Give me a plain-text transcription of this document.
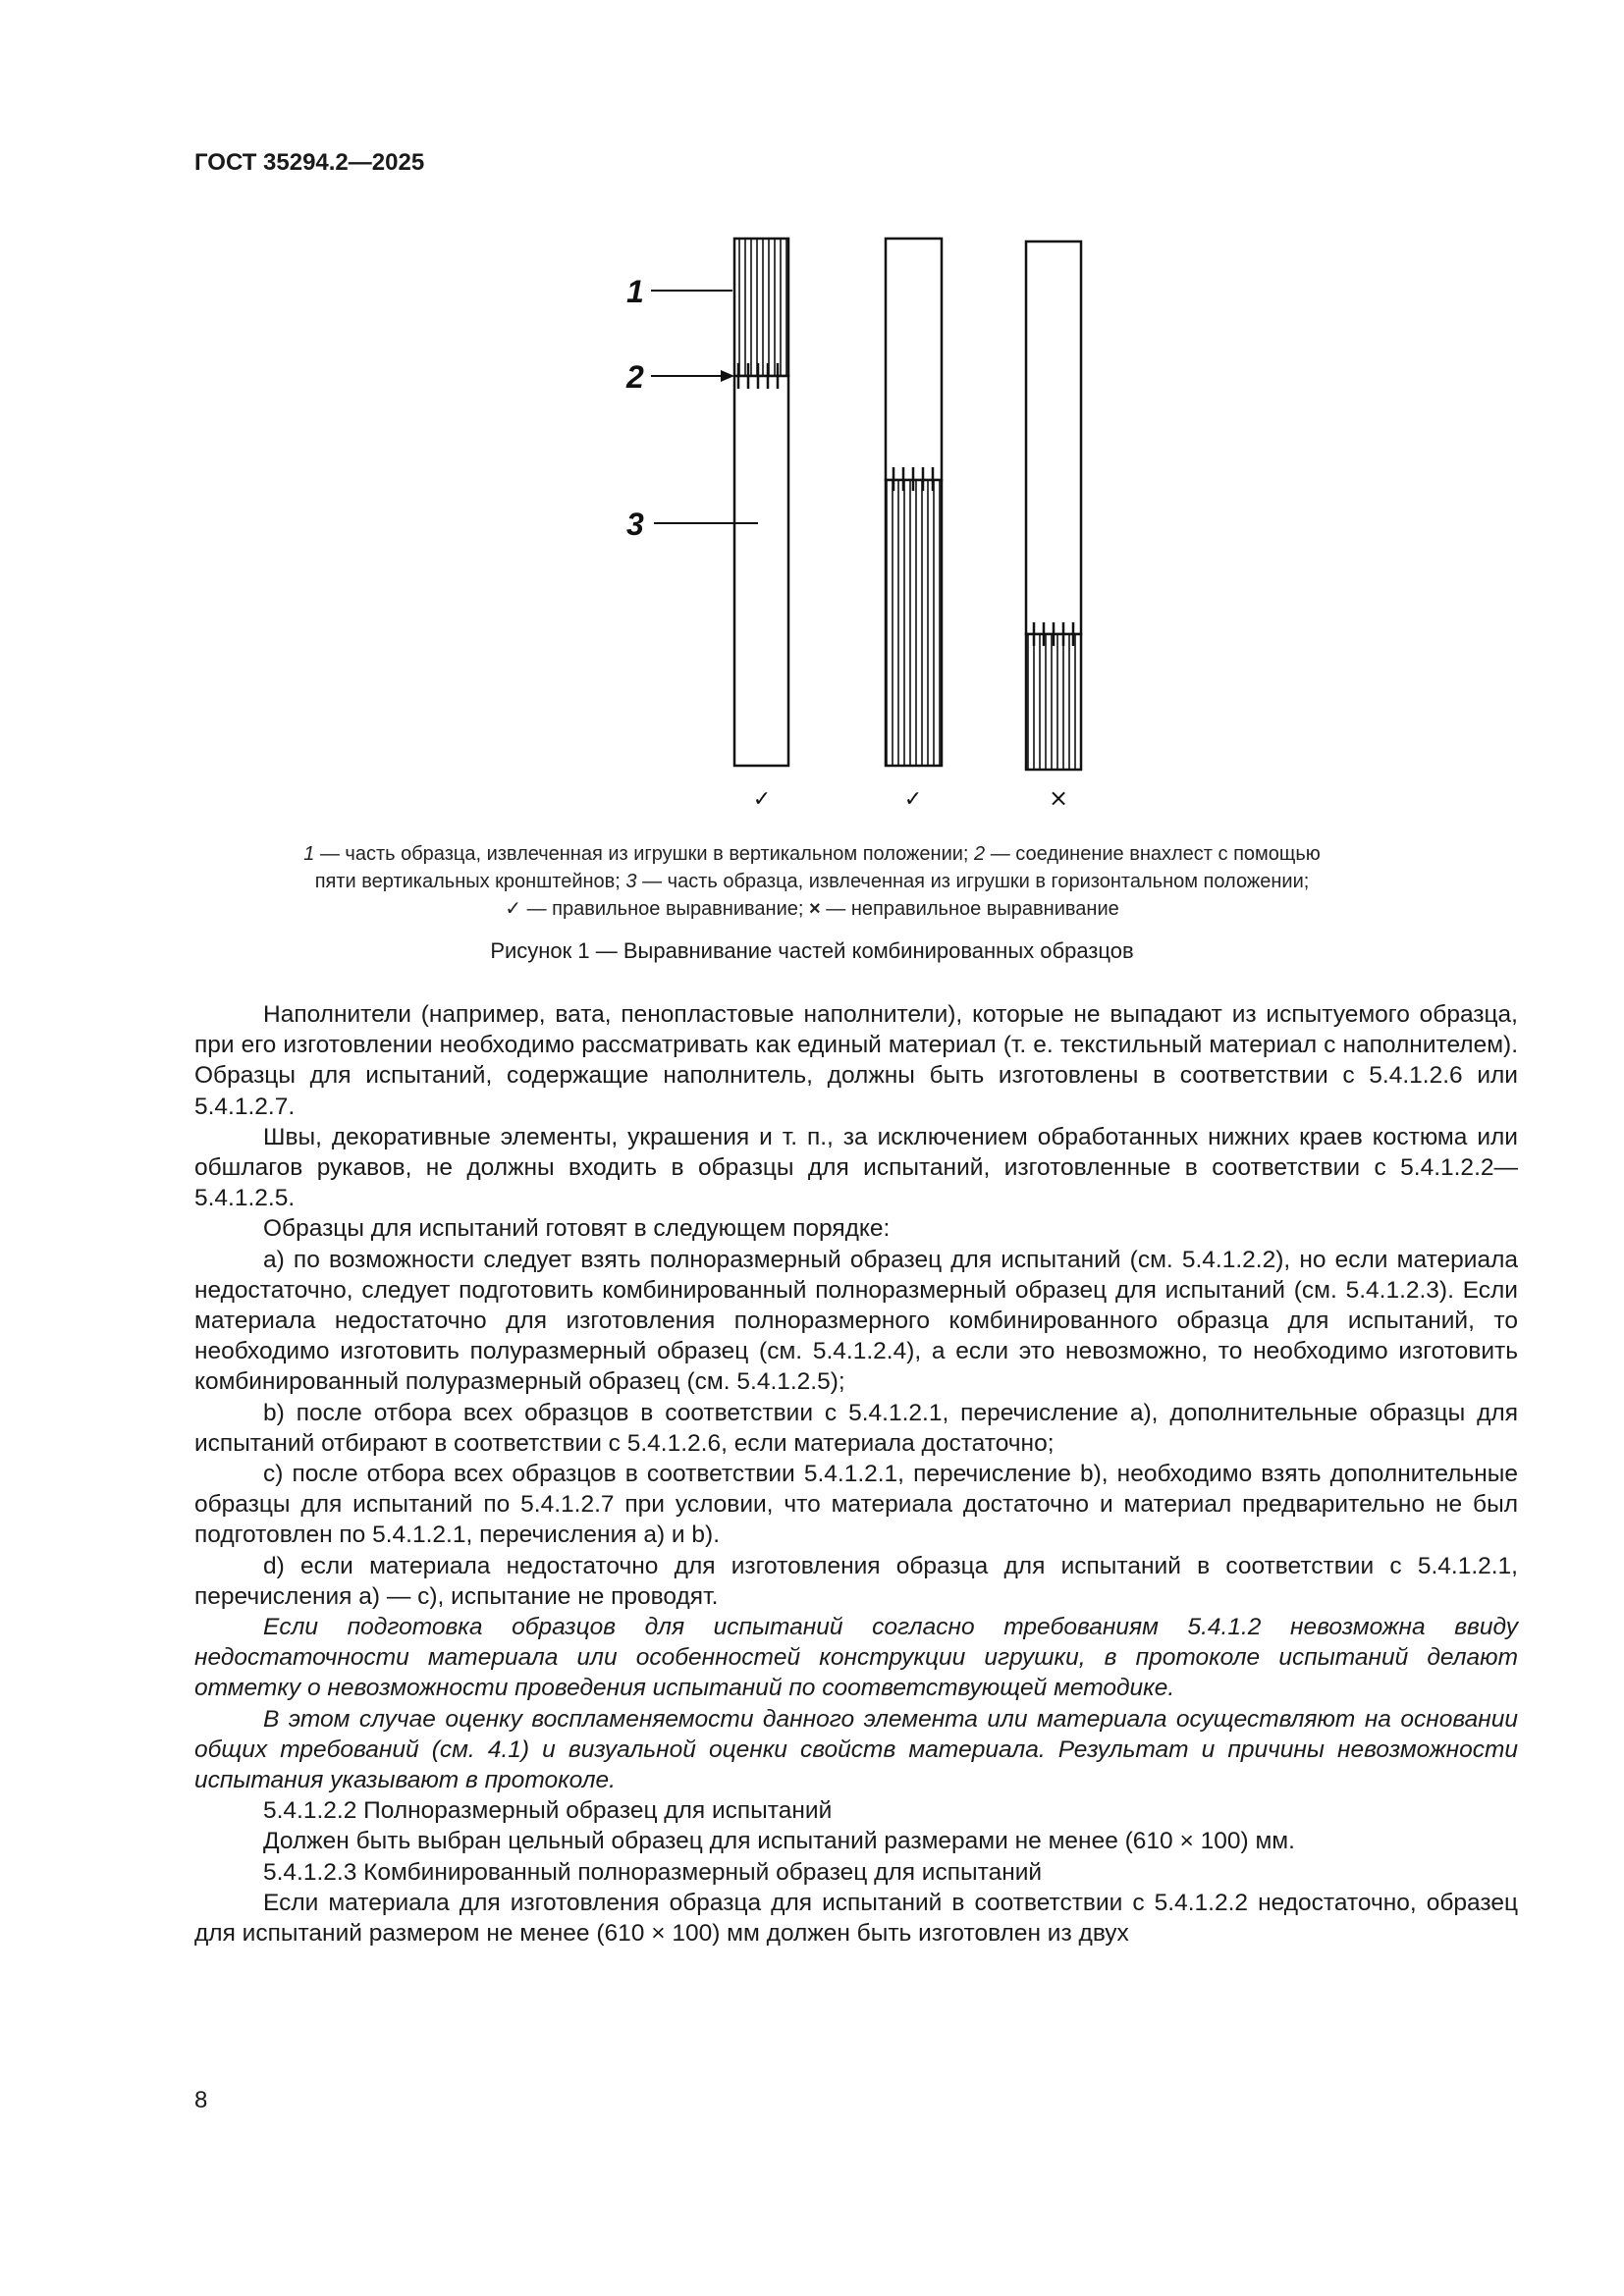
ГОСТ 35294.2—2025
1
2
3
✓	✓	×
1 — часть образца, извлеченная из игрушки в вертикальном положении; 2 — соединение внахлест с помощью
пяти вертикальных кронштейнов; 3 — часть образца, извлеченная из игрушки в горизонтальном положении;
✓ — правильное выравнивание; × — неправильное выравнивание
Рисунок 1 — Выравнивание частей комбинированных образцов

Наполнители (например, вата, пенопластовые наполнители), которые не выпадают из испытуемого образца, при его изготовлении необходимо рассматривать как единый материал (т. е. текстильный материал с наполнителем). Образцы для испытаний, содержащие наполнитель, должны быть изготовлены в соответствии с 5.4.1.2.6 или 5.4.1.2.7.

Швы, декоративные элементы, украшения и т. п., за исключением обработанных нижних краев костюма или обшлагов рукавов, не должны входить в образцы для испытаний, изготовленные в соответствии с 5.4.1.2.2—5.4.1.2.5.

Образцы для испытаний готовят в следующем порядке:

a) по возможности следует взять полноразмерный образец для испытаний (см. 5.4.1.2.2), но если материала недостаточно, следует подготовить комбинированный полноразмерный образец для испытаний (см. 5.4.1.2.3). Если материала недостаточно для изготовления полноразмерного комбинированного образца для испытаний, то необходимо изготовить полуразмерный образец (см. 5.4.1.2.4), а если это невозможно, то необходимо изготовить комбинированный полуразмерный образец (см. 5.4.1.2.5);

b) после отбора всех образцов в соответствии с 5.4.1.2.1, перечисление а), дополнительные образцы для испытаний отбирают в соответствии с 5.4.1.2.6, если материала достаточно;

c) после отбора всех образцов в соответствии 5.4.1.2.1, перечисление b), необходимо взять дополнительные образцы для испытаний по 5.4.1.2.7 при условии, что материала достаточно и материал предварительно не был подготовлен по 5.4.1.2.1, перечисления а) и b).

d) если материала недостаточно для изготовления образца для испытаний в соответствии с 5.4.1.2.1, перечисления а) — с), испытание не проводят.

Если подготовка образцов для испытаний согласно требованиям 5.4.1.2 невозможна ввиду недостаточности материала или особенностей конструкции игрушки, в протоколе испытаний делают отметку о невозможности проведения испытаний по соответствующей методике.

В этом случае оценку воспламеняемости данного элемента или материала осуществляют на основании общих требований (см. 4.1) и визуальной оценки свойств материала. Результат и причины невозможности испытания указывают в протоколе.

5.4.1.2.2 Полноразмерный образец для испытаний

Должен быть выбран цельный образец для испытаний размерами не менее (610 × 100) мм.

5.4.1.2.3 Комбинированный полноразмерный образец для испытаний

Если материала для изготовления образца для испытаний в соответствии с 5.4.1.2.2 недостаточно, образец для испытаний размером не менее (610 × 100) мм должен быть изготовлен из двух

8
